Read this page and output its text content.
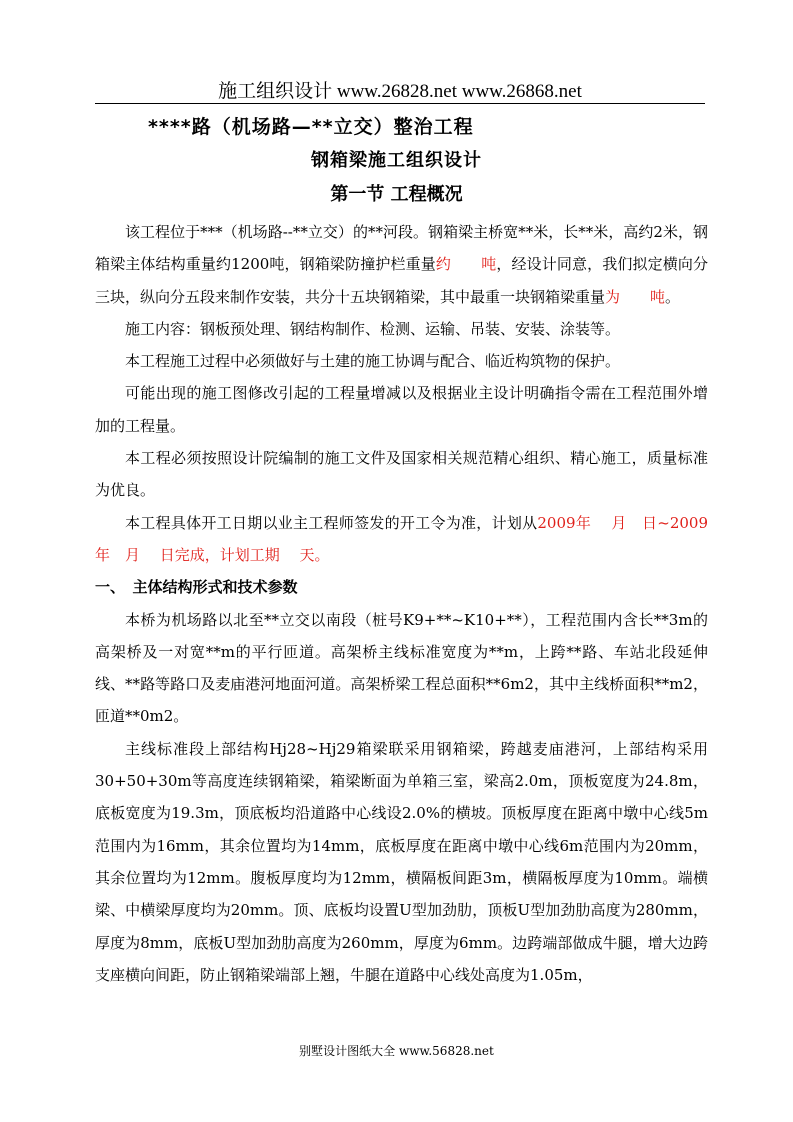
施工组织设计 www.26828.net www.26868.net
****路（机场路—**立交）整治工程
钢箱梁施工组织设计
第一节 工程概况

该工程位于***（机场路--**立交）的**河段。钢箱梁主桥宽**米，长**米，高约2米，钢箱梁主体结构重量约1200吨，钢箱梁防撞护栏重量约　　吨，经设计同意，我们拟定横向分三块，纵向分五段来制作安装，共分十五块钢箱梁，其中最重一块钢箱梁重量为　　吨。

施工内容：钢板预处理、钢结构制作、检测、运输、吊装、安装、涂装等。

本工程施工过程中必须做好与土建的施工协调与配合、临近构筑物的保护。

可能出现的施工图修改引起的工程量增减以及根据业主设计明确指令需在工程范围外增加的工程量。

本工程必须按照设计院编制的施工文件及国家相关规范精心组织、精心施工，质量标准为优良。

本工程具体开工日期以业主工程师签发的开工令为准，计划从2009年　 月　日~2009年　月　 日完成，计划工期　 天。

一、　主体结构形式和技术参数

本桥为机场路以北至**立交以南段（桩号K9+**~K10+**），工程范围内含长**3m的高架桥及一对宽**m的平行匝道。高架桥主线标准宽度为**m，上跨**路、车站北段延伸线、**路等路口及麦庙港河地面河道。高架桥梁工程总面积**6m2，其中主线桥面积**m2，匝道**0m2。

主线标准段上部结构Hj28~Hj29箱梁联采用钢箱梁，跨越麦庙港河，上部结构采用30+50+30m等高度连续钢箱梁，箱梁断面为单箱三室，梁高2.0m，顶板宽度为24.8m，底板宽度为19.3m，顶底板均沿道路中心线设2.0%的横坡。顶板厚度在距离中墩中心线5m范围内为16mm，其余位置均为14mm，底板厚度在距离中墩中心线6m范围内为20mm，其余位置均为12mm。腹板厚度均为12mm，横隔板间距3m，横隔板厚度为10mm。端横梁、中横梁厚度均为20mm。顶、底板均设置U型加劲肋，顶板U型加劲肋高度为280mm，厚度为8mm，底板U型加劲肋高度为260mm，厚度为6mm。边跨端部做成牛腿，增大边跨支座横向间距，防止钢箱梁端部上翘，牛腿在道路中心线处高度为1.05m，

别墅设计图纸大全 www.56828.net
